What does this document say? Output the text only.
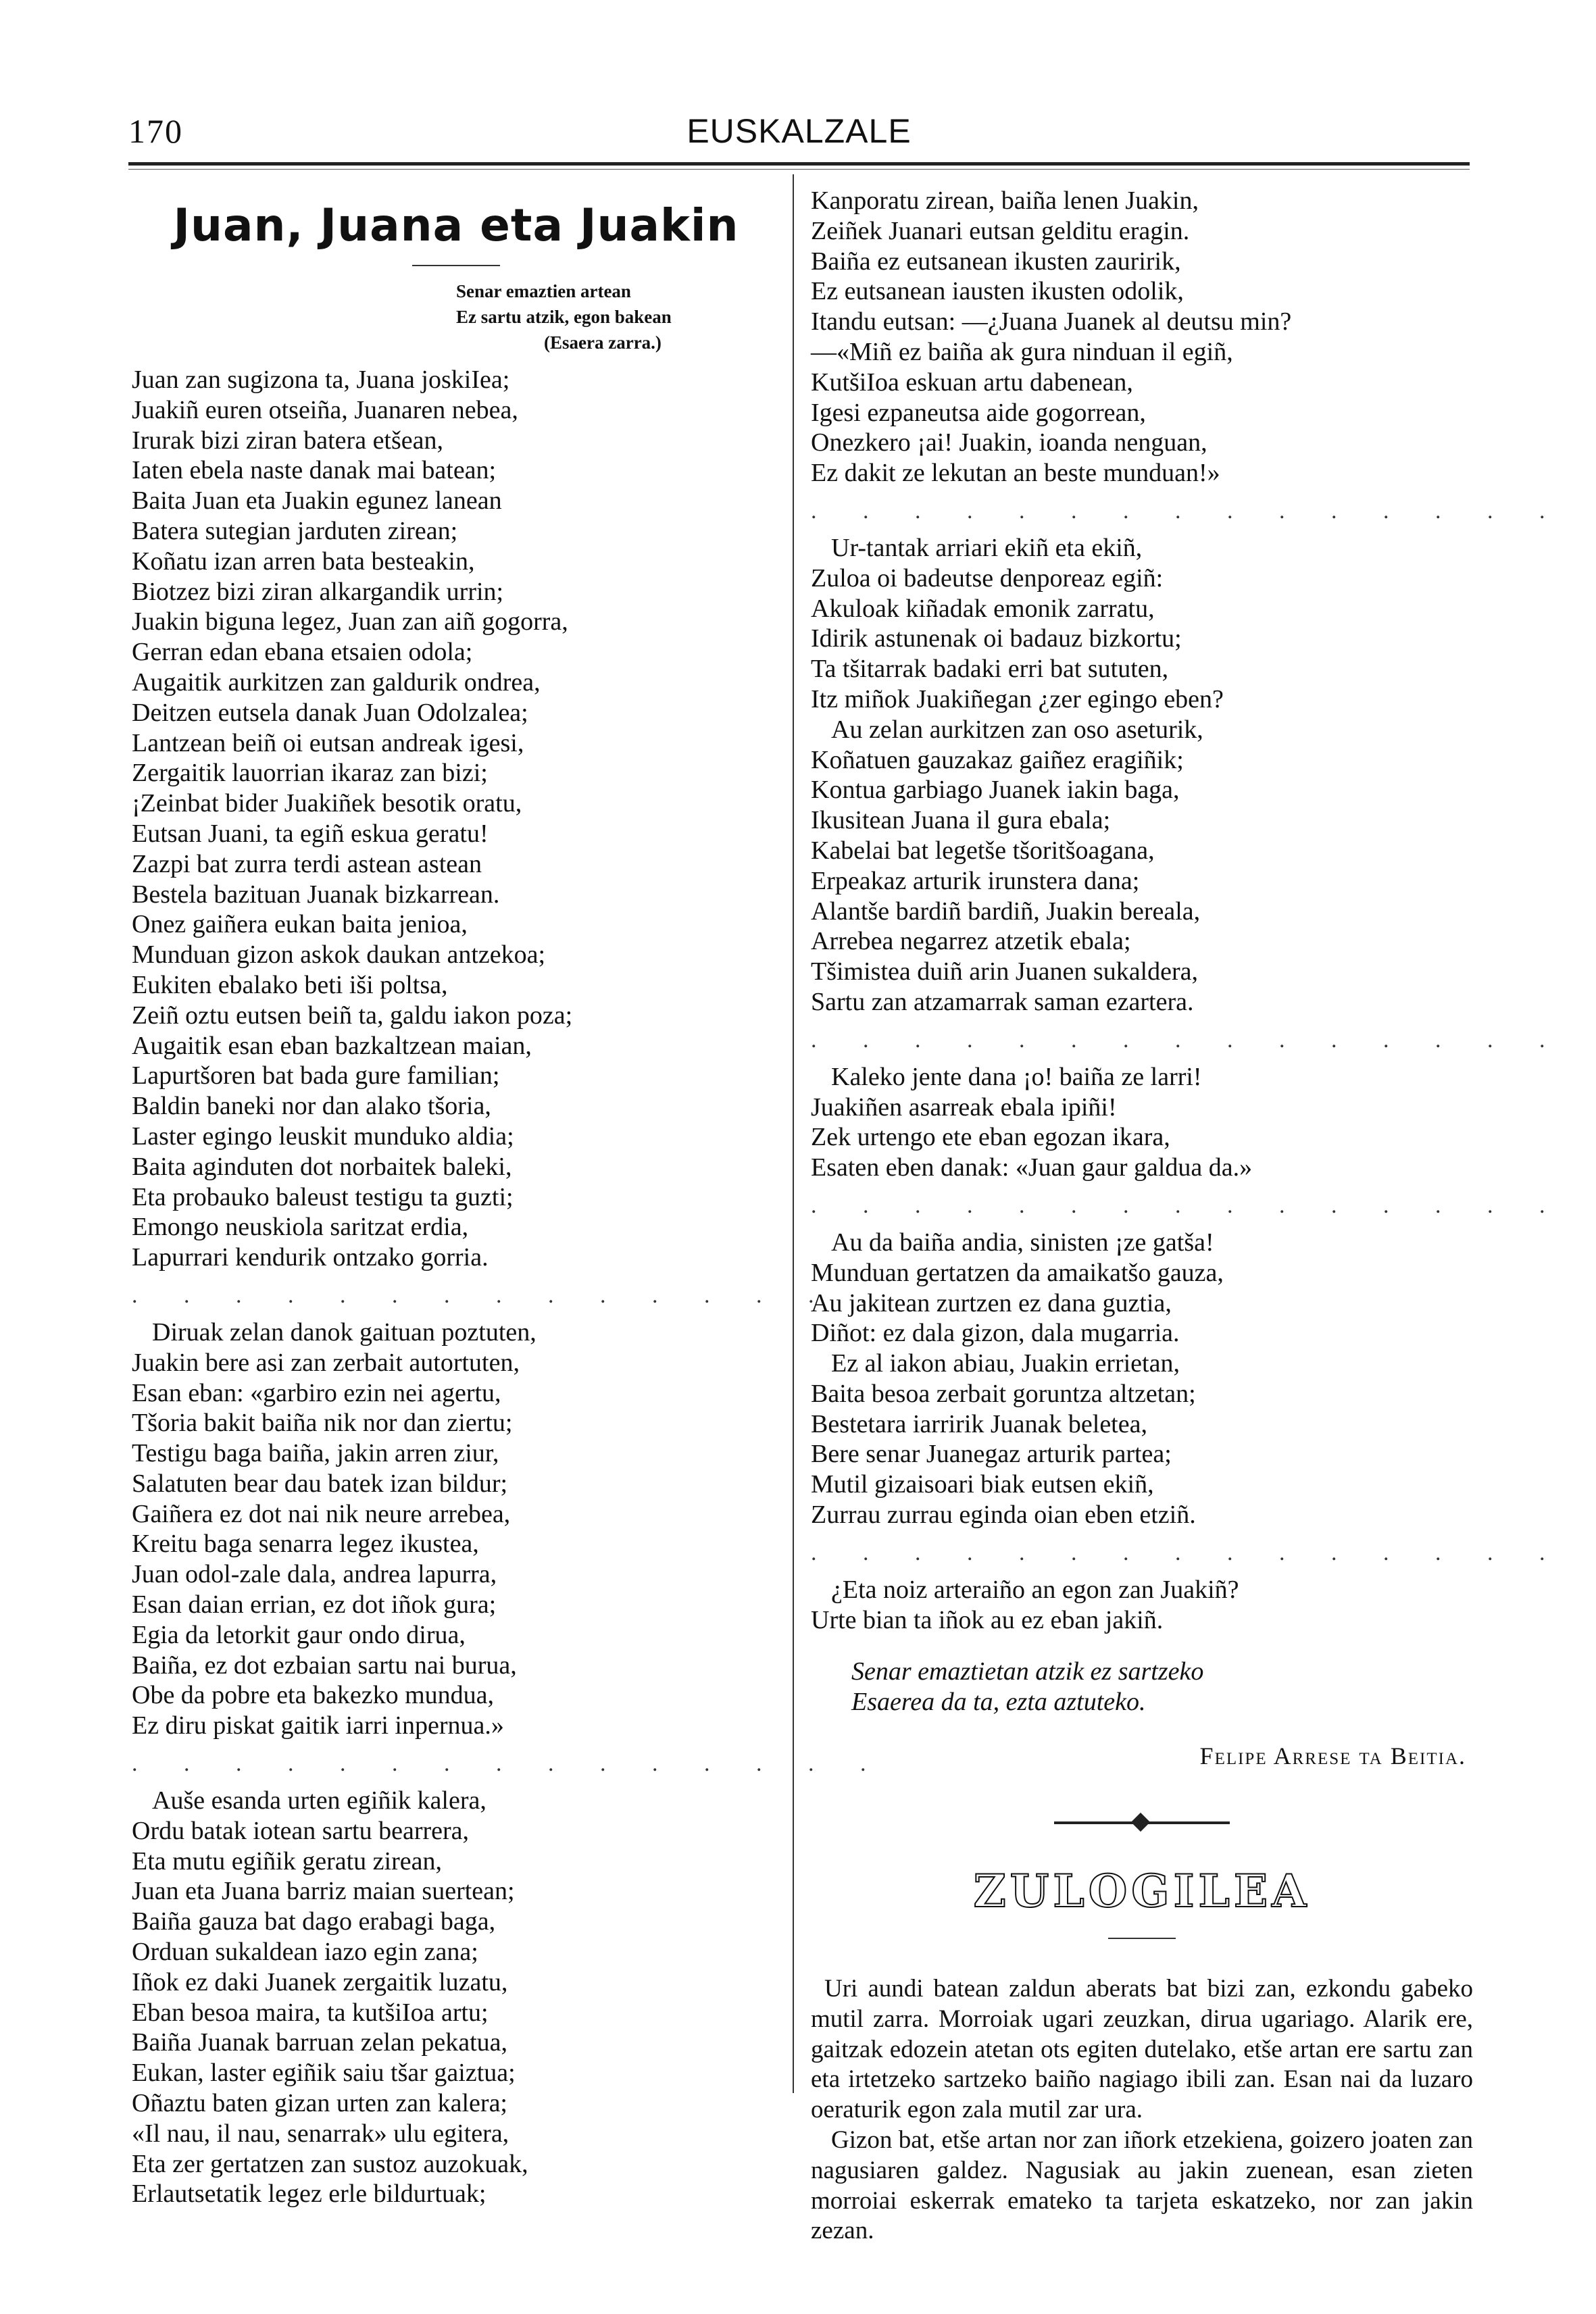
170	EUSKALZALE
Juan, Juana eta Juakin
Senar emaztien artean
Ez sartu atzik, egon bakean
(Esaera zarra.)
Juan zan sugizona ta, Juana joskiIea;
Juakiñ euren otseiña, Juanaren nebea,
Irurak bizi ziran batera etšean,
Iaten ebela naste danak mai batean;
Baita Juan eta Juakin egunez lanean
Batera sutegian jarduten zirean;
Koñatu izan arren bata besteakin,
Biotzez bizi ziran alkargandik urrin;
Juakin biguna legez, Juan zan aiñ gogorra,
Gerran edan ebana etsaien odola;
Augaitik aurkitzen zan galdurik ondrea,
Deitzen eutsela danak Juan Odolzalea;
Lantzean beiñ oi eutsan andreak igesi,
Zergaitik lauorrian ikaraz zan bizi;
¡Zeinbat bider Juakiñek besotik oratu,
Eutsan Juani, ta egiñ eskua geratu!
Zazpi bat zurra terdi astean astean
Bestela bazituan Juanak bizkarrean.
Onez gaiñera eukan baita jenioa,
Munduan gizon askok daukan antzekoa;
Eukiten ebalako beti iši poltsa,
Zeiñ oztu eutsen beiñ ta, galdu iakon poza;
Augaitik esan eban bazkaltzean maian,
Lapurtšoren bat bada gure familian;
Baldin baneki nor dan alako tšoria,
Laster egingo leuskit munduko aldia;
Baita aginduten dot norbaitek baleki,
Eta probauko baleust testigu ta guzti;
Emongo neuskiola saritzat erdia,
Lapurrari kendurik ontzako gorria.
. . . . . . . . . . . . . . .
Diruak zelan danok gaituan poztuten,
Juakin bere asi zan zerbait autortuten,
Esan eban: «garbiro ezin nei agertu,
Tšoria bakit baiña nik nor dan ziertu;
Testigu baga baiña, jakin arren ziur,
Salatuten bear dau batek izan bildur;
Gaiñera ez dot nai nik neure arrebea,
Kreitu baga senarra legez ikustea,
Juan odol-zale dala, andrea lapurra,
Esan daian errian, ez dot iñok gura;
Egia da letorkit gaur ondo dirua,
Baiña, ez dot ezbaian sartu nai burua,
Obe da pobre eta bakezko mundua,
Ez diru piskat gaitik iarri inpernua.»
. . . . . . . . . . . . . . .
Auše esanda urten egiñik kalera,
Ordu batak iotean sartu bearrera,
Eta mutu egiñik geratu zirean,
Juan eta Juana barriz maian suertean;
Baiña gauza bat dago erabagi baga,
Orduan sukaldean iazo egin zana;
Iñok ez daki Juanek zergaitik luzatu,
Eban besoa maira, ta kutšiIoa artu;
Baiña Juanak barruan zelan pekatua,
Eukan, laster egiñik saiu tšar gaiztua;
Oñaztu baten gizan urten zan kalera;
«Il nau, il nau, senarrak» ulu egitera,
Eta zer gertatzen zan sustoz auzokuak,
Erlautsetatik legez erle bildurtuak;
Kanporatu zirean, baiña lenen Juakin,
Zeiñek Juanari eutsan gelditu eragin.
Baiña ez eutsanean ikusten zauririk,
Ez eutsanean iausten ikusten odolik,
Itandu eutsan: —¿Juana Juanek al deutsu min?
—«Miñ ez baiña ak gura ninduan il egiñ,
KutšiIoa eskuan artu dabenean,
Igesi ezpaneutsa aide gogorrean,
Onezkero ¡ai! Juakin, ioanda nenguan,
Ez dakit ze lekutan an beste munduan!»
. . . . . . . . . . . . . . .
Ur-tantak arriari ekiñ eta ekiñ,
Zuloa oi badeutse denporeaz egiñ:
Akuloak kiñadak emonik zarratu,
Idirik astunenak oi badauz bizkortu;
Ta tšitarrak badaki erri bat sututen,
Itz miñok Juakiñegan ¿zer egingo eben?
Au zelan aurkitzen zan oso aseturik,
Koñatuen gauzakaz gaiñez eragiñik;
Kontua garbiago Juanek iakin baga,
Ikusitean Juana il gura ebala;
Kabelai bat legetše tšoritšoagana,
Erpeakaz arturik irunstera dana;
Alantše bardiñ bardiñ, Juakin bereala,
Arrebea negarrez atzetik ebala;
Tšimistea duiñ arin Juanen sukaldera,
Sartu zan atzamarrak saman ezartera.
. . . . . . . . . . . . . . .
Kaleko jente dana ¡o! baiña ze larri!
Juakiñen asarreak ebala ipiñi!
Zek urtengo ete eban egozan ikara,
Esaten eben danak: «Juan gaur galdua da.»
. . . . . . . . . . . . . . .
Au da baiña andia, sinisten ¡ze gatša!
Munduan gertatzen da amaikatšo gauza,
Au jakitean zurtzen ez dana guztia,
Diñot: ez dala gizon, dala mugarria.
Ez al iakon abiau, Juakin errietan,
Baita besoa zerbait goruntza altzetan;
Bestetara iarririk Juanak beletea,
Bere senar Juanegaz arturik partea;
Mutil gizaisoari biak eutsen ekiñ,
Zurrau zurrau eginda oian eben etziñ.
. . . . . . . . . . . . . . .
¿Eta noiz arteraiño an egon zan Juakiñ?
Urte bian ta iñok au ez eban jakiñ.
Senar emaztietan atzik ez sartzeko
Esaerea da ta, ezta aztuteko.
Felipe Arrese ta Beitia.
ZULOGILEA

Uri aundi batean zaldun aberats bat bizi zan, ezkondu gabeko mutil zarra. Morroiak ugari zeuzkan, dirua ugariago. Alarik ere, gaitzak edozein atetan ots egiten dutelako, etše artan ere sartu zan eta irtetzeko sartzeko baiño nagiago ibili zan. Esan nai da luzaro oeraturik egon zala mutil zar ura.

Gizon bat, etše artan nor zan iñork etzekiena, goizero joaten zan nagusiaren galdez. Nagusiak au jakin zuenean, esan zieten morroiai eskerrak emateko ta tarjeta eskatzeko, nor zan jakin zezan.
